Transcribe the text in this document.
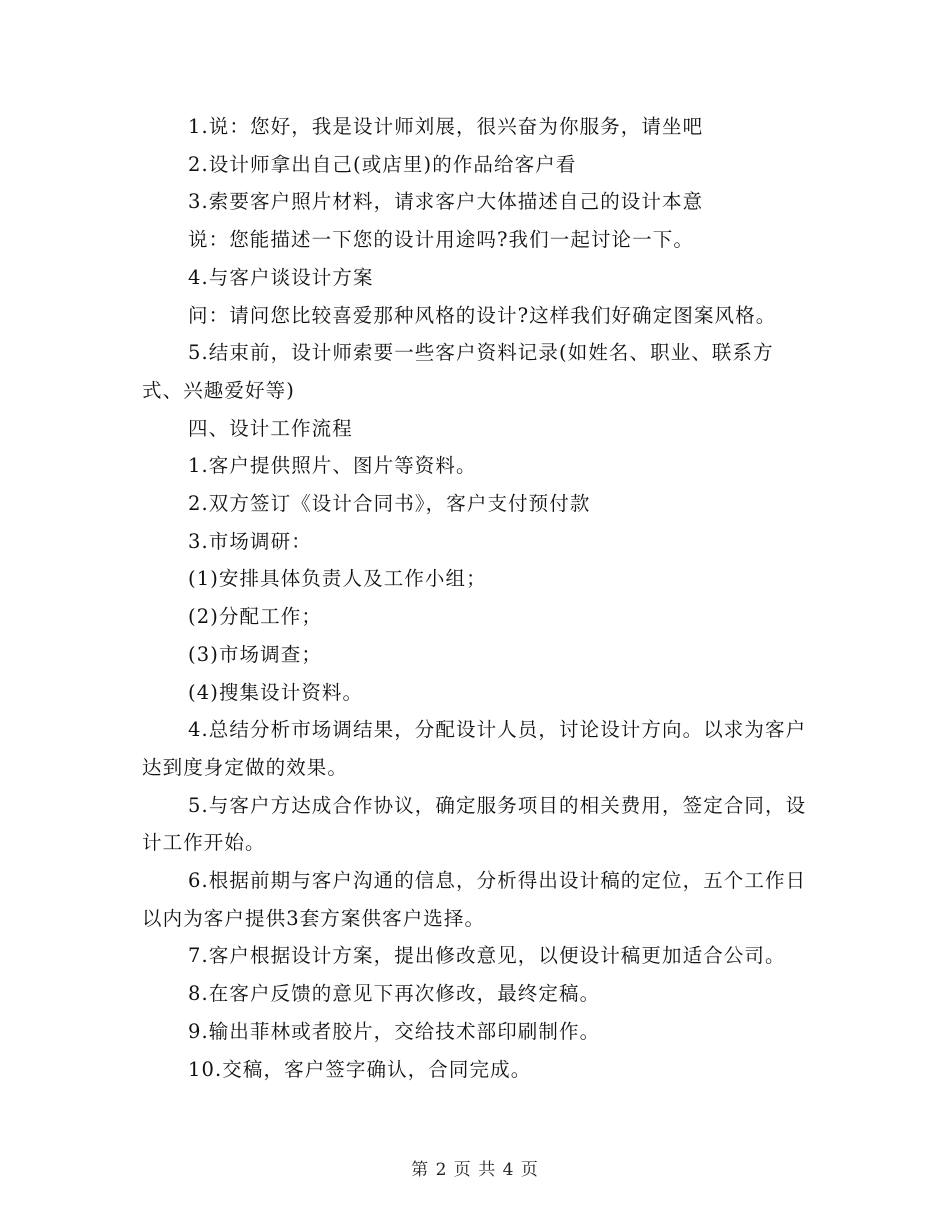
1.说：您好，我是设计师刘展，很兴奋为你服务，请坐吧

2.设计师拿出自己(或店里)的作品给客户看

3.索要客户照片材料，请求客户大体描述自己的设计本意

说：您能描述一下您的设计用途吗?我们一起讨论一下。

4.与客户谈设计方案

问：请问您比较喜爱那种风格的设计?这样我们好确定图案风格。

5.结束前，设计师索要一些客户资料记录(如姓名、职业、联系方式、兴趣爱好等)

四、设计工作流程

1.客户提供照片、图片等资料。

2.双方签订《设计合同书》，客户支付预付款

3.市场调研：

(1)安排具体负责人及工作小组；

(2)分配工作；

(3)市场调查；

(4)搜集设计资料。

4.总结分析市场调结果，分配设计人员，讨论设计方向。以求为客户达到度身定做的效果。

5.与客户方达成合作协议，确定服务项目的相关费用，签定合同，设计工作开始。

6.根据前期与客户沟通的信息，分析得出设计稿的定位，五个工作日以内为客户提供3套方案供客户选择。

7.客户根据设计方案，提出修改意见，以便设计稿更加适合公司。

8.在客户反馈的意见下再次修改，最终定稿。

9.输出菲林或者胶片，交给技术部印刷制作。

10.交稿，客户签字确认，合同完成。

第 2 页 共 4 页
